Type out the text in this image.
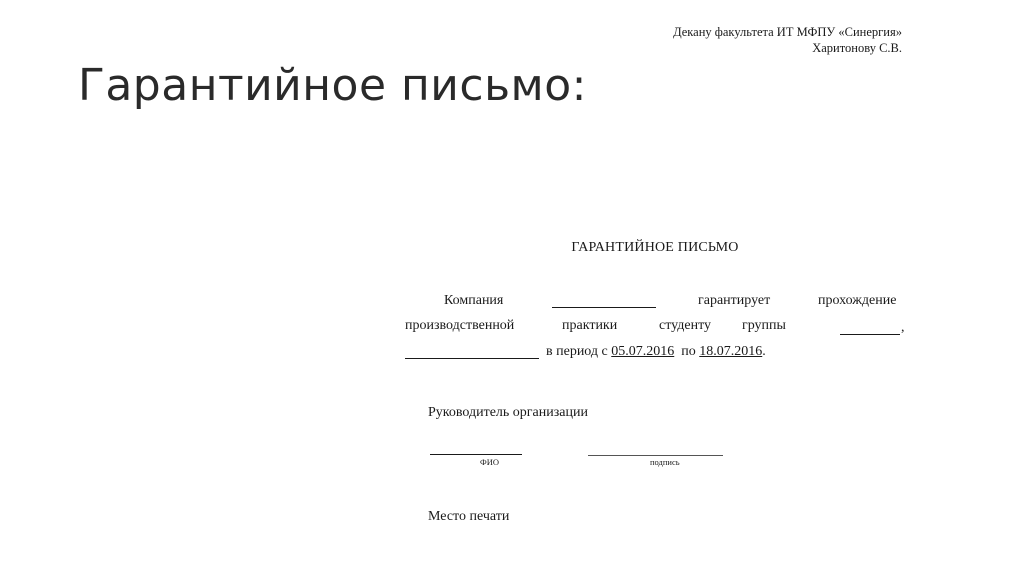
Гарантийное письмо:
Декану факультета ИТ МФПУ «Синергия»
Харитонову С.В.
ГАРАНТИЙНОЕ ПИСЬМО
Компания	гарантирует	прохождение
производственной	практики	студенту группы	,
в период с 05.07.2016  по 18.07.2016.
Руководитель организации
ФИО	подпись
Место печати
